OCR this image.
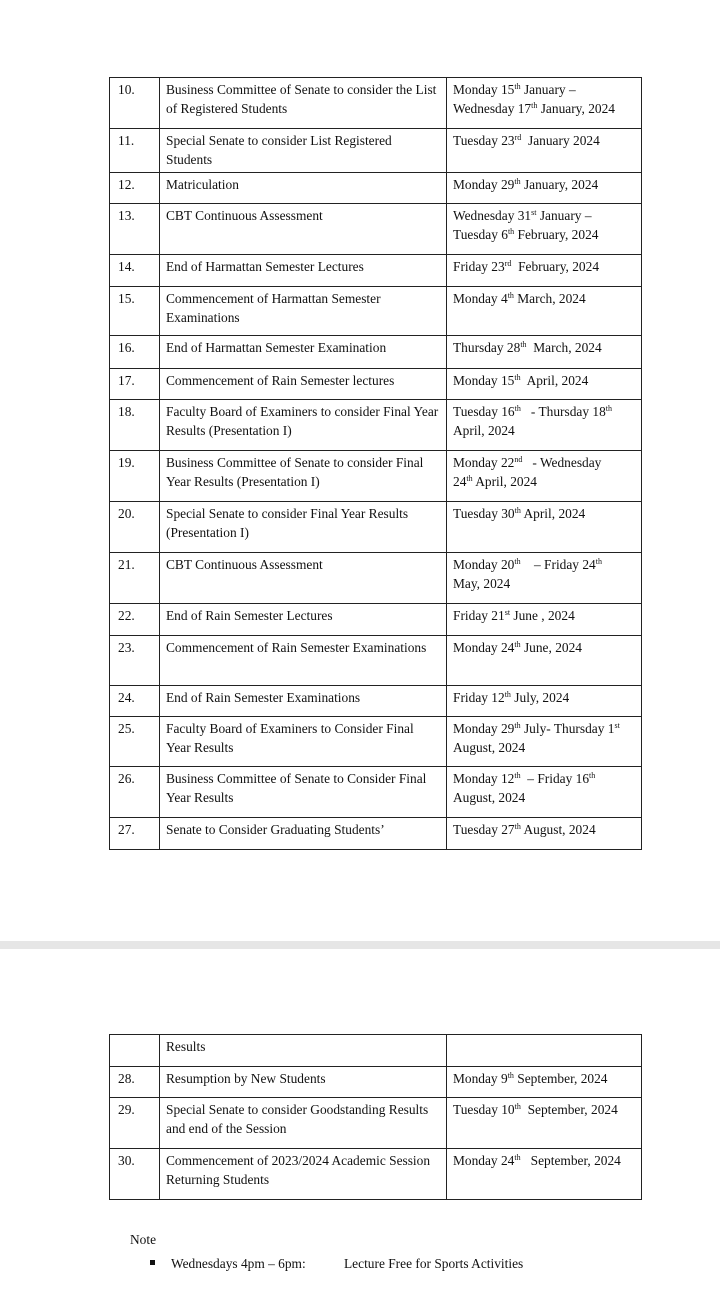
10.	Business Committee of Senate to consider the List of Registered Students	Monday 15th January –
Wednesday 17th January, 2024
11.	Special Senate to consider List Registered Students	Tuesday 23rd  January 2024
12.	Matriculation	Monday 29th January, 2024
13.	CBT Continuous Assessment	Wednesday 31st January –
Tuesday 6th February, 2024
14.	End of Harmattan Semester Lectures	Friday 23rd  February, 2024
15.	Commencement of Harmattan Semester Examinations	Monday 4th March, 2024
16.	End of Harmattan Semester Examination	Thursday 28th  March, 2024
17.	Commencement of Rain Semester lectures	Monday 15th  April, 2024
18.	Faculty Board of Examiners to consider Final Year Results (Presentation I)	Tuesday 16th   - Thursday 18th
April, 2024
19.	Business Committee of Senate to consider Final Year Results (Presentation I)	Monday 22nd   - Wednesday
24th April, 2024
20.	Special Senate to consider Final Year Results (Presentation I)	Tuesday 30th April, 2024
21.	CBT Continuous Assessment	Monday 20th    – Friday 24th
May, 2024
22.	End of Rain Semester Lectures	Friday 21st June , 2024
23.	Commencement of Rain Semester Examinations	Monday 24th June, 2024
24.	End of Rain Semester Examinations	Friday 12th July, 2024
25.	Faculty Board of Examiners to Consider Final Year Results	Monday 29th July- Thursday 1st
August, 2024
26.	Business Committee of Senate to Consider Final Year Results	Monday 12th  – Friday 16th
August, 2024
27.	Senate to Consider Graduating Students’	Tuesday 27th August, 2024
	Results	
28.	Resumption by New Students	Monday 9th September, 2024
29.	Special Senate to consider Goodstanding Results and end of the Session	Tuesday 10th  September, 2024
30.	Commencement of 2023/2024 Academic Session Returning Students	Monday 24th   September, 2024
Note
Wednesdays 4pm – 6pm:	Lecture Free for Sports Activities
